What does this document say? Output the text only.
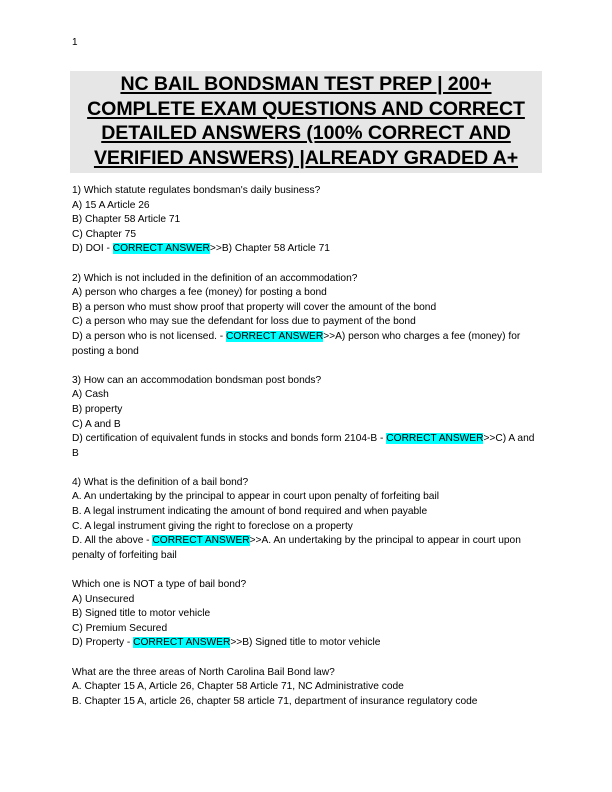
1
NC BAIL BONDSMAN TEST PREP | 200+ COMPLETE EXAM QUESTIONS AND CORRECT DETAILED ANSWERS (100% CORRECT AND VERIFIED ANSWERS) |ALREADY GRADED A+
1) Which statute regulates bondsman's daily business?
A) 15 A Article 26
B) Chapter 58 Article 71
C) Chapter 75
D) DOI - CORRECT ANSWER>>B) Chapter 58 Article 71
2) Which is not included in the definition of an accommodation?
A) person who charges a fee (money) for posting a bond
B) a person who must show proof that property will cover the amount of the bond
C) a person who may sue the defendant for loss due to payment of the bond
D) a person who is not licensed. - CORRECT ANSWER>>A) person who charges a fee (money) for posting a bond
3) How can an accommodation bondsman post bonds?
A) Cash
B) property
C) A and B
D) certification of equivalent funds in stocks and bonds form 2104-B - CORRECT ANSWER>>C) A and B
4) What is the definition of a bail bond?
A. An undertaking by the principal to appear in court upon penalty of forfeiting bail
B. A legal instrument indicating the amount of bond required and when payable
C. A legal instrument giving the right to foreclose on a property
D. All the above - CORRECT ANSWER>>A. An undertaking by the principal to appear in court upon penalty of forfeiting bail
Which one is NOT a type of bail bond?
A) Unsecured
B) Signed title to motor vehicle
C) Premium Secured
D) Property - CORRECT ANSWER>>B) Signed title to motor vehicle
What are the three areas of North Carolina Bail Bond law?
A. Chapter 15 A, Article 26, Chapter 58 Article 71, NC Administrative code
B. Chapter 15 A, article 26, chapter 58 article 71, department of insurance regulatory code
